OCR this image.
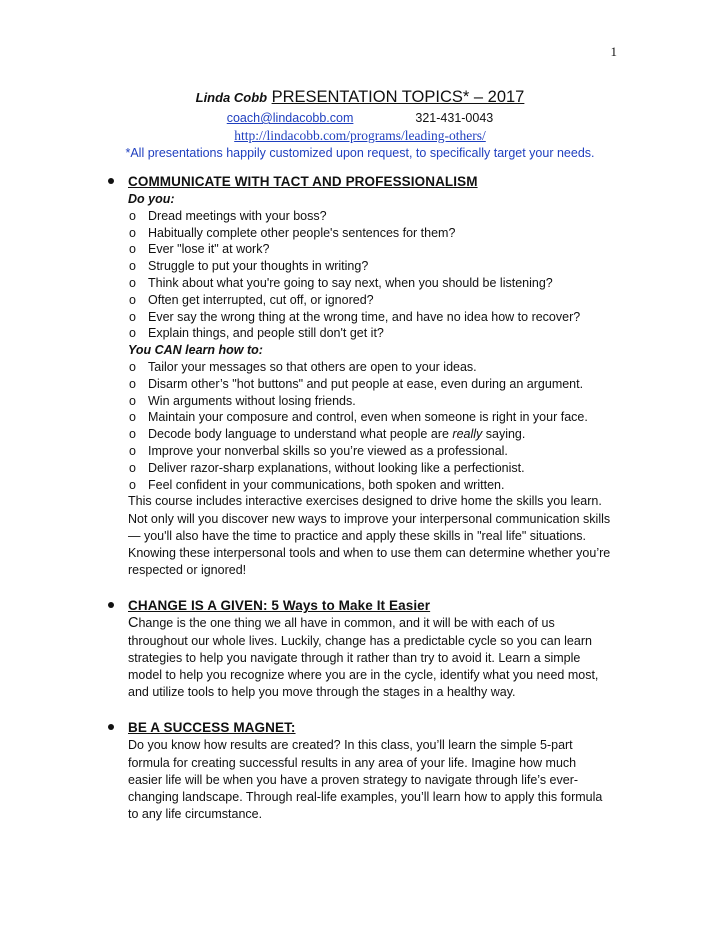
1
Linda Cobb PRESENTATION TOPICS* – 2017
coach@lindacobb.com	321-431-0043
http://lindacobb.com/programs/leading-others/
*All presentations happily customized upon request, to specifically target your needs.
COMMUNICATE WITH TACT AND PROFESSIONALISM
Do you:
o Dread meetings with your boss?
o Habitually complete other people's sentences for them?
o Ever "lose it" at work?
o Struggle to put your thoughts in writing?
o Think about what you're going to say next, when you should be listening?
o Often get interrupted, cut off, or ignored?
o Ever say the wrong thing at the wrong time, and have no idea how to recover?
o Explain things, and people still don't get it?
You CAN learn how to:
o Tailor your messages so that others are open to your ideas.
o Disarm other’s "hot buttons" and put people at ease, even during an argument.
o Win arguments without losing friends.
o Maintain your composure and control, even when someone is right in your face.
o Decode body language to understand what people are really saying.
o Improve your nonverbal skills so you’re viewed as a professional.
o Deliver razor-sharp explanations, without looking like a perfectionist.
o Feel confident in your communications, both spoken and written.
This course includes interactive exercises designed to drive home the skills you learn. Not only will you discover new ways to improve your interpersonal communication skills — you'll also have the time to practice and apply these skills in "real life" situations. Knowing these interpersonal tools and when to use them can determine whether you’re respected or ignored!
CHANGE IS A GIVEN: 5 Ways to Make It Easier
Change is the one thing we all have in common, and it will be with each of us throughout our whole lives. Luckily, change has a predictable cycle so you can learn strategies to help you navigate through it rather than try to avoid it. Learn a simple model to help you recognize where you are in the cycle, identify what you need most, and utilize tools to help you move through the stages in a healthy way.
BE A SUCCESS MAGNET:
Do you know how results are created? In this class, you’ll learn the simple 5-part formula for creating successful results in any area of your life. Imagine how much easier life will be when you have a proven strategy to navigate through life’s ever-changing landscape. Through real-life examples, you’ll learn how to apply this formula to any life circumstance.
